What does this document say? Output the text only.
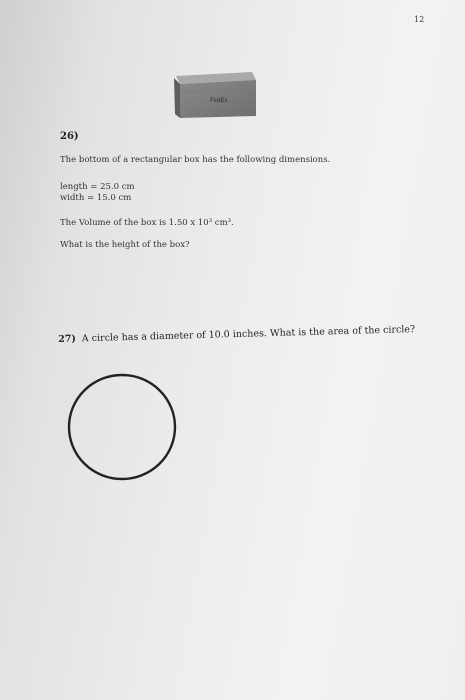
12
FedEx
26)
The bottom of a rectangular box has the following dimensions.
length = 25.0 cm
width = 15.0 cm
The Volume of the box is 1.50 x 10³ cm³.
What is the height of the box?
27) A circle has a diameter of 10.0 inches. What is the area of the circle?
